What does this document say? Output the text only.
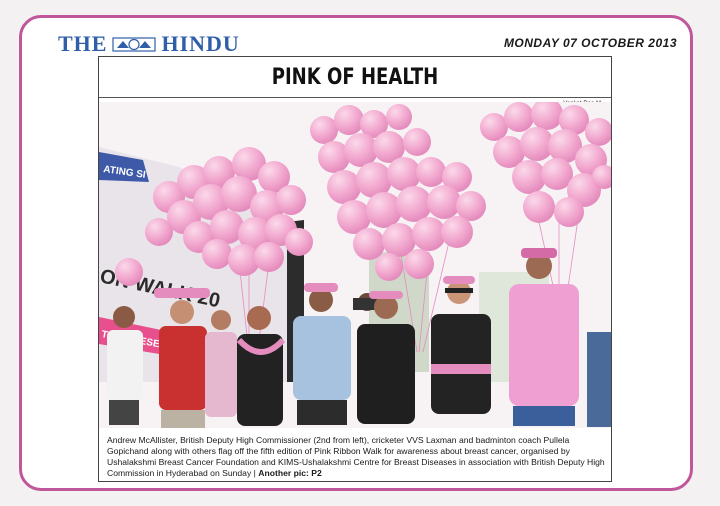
THE HINDU	MONDAY 07 OCTOBER 2013
PINK OF HEALTH
ATING SI
ON 20
PRESEN
Andrew McAllister, British Deputy High Commissioner (2nd from left), cricketer VVS Laxman and badminton coach Pullela Gopichand along with others flag off the fifth edition of Pink Ribbon Walk for awareness about breast cancer, organised by Ushalakshmi Breast Cancer Foundation and KIMS-Ushalakshmi Centre for Breast Diseases in association with British Deputy High Commission in Hyderabad on Sunday | Another pic: P2
